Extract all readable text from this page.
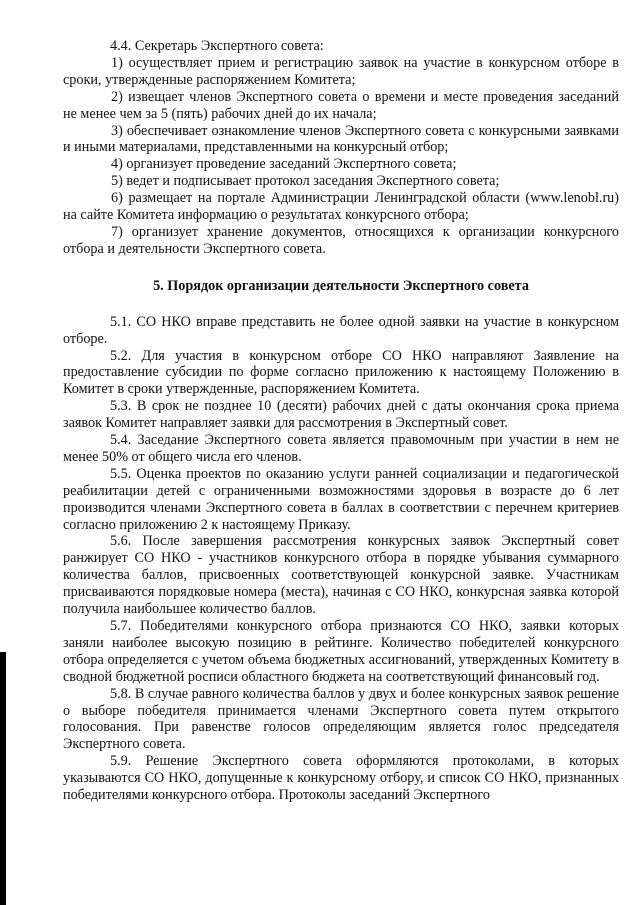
4.4. Секретарь Экспертного совета:

1) осуществляет прием и регистрацию заявок на участие в конкурсном отборе в сроки, утвержденные распоряжением Комитета;

2) извещает членов Экспертного совета о времени и месте проведения заседаний не менее чем за 5 (пять) рабочих дней до их начала;

3) обеспечивает ознакомление членов Экспертного совета с конкурсными заявками и иными материалами, представленными на конкурсный отбор;

4) организует проведение заседаний Экспертного совета;

5) ведет и подписывает протокол заседания Экспертного совета;

6) размещает на портале Администрации Ленинградской области (www.lenobl.ru) на сайте Комитета информацию о результатах конкурсного отбора;

7) организует хранение документов, относящихся к организации конкурсного отбора и деятельности Экспертного совета.

5. Порядок организации деятельности Экспертного совета

5.1. СО НКО вправе представить не более одной заявки на участие в конкурсном отборе.

5.2. Для участия в конкурсном отборе СО НКО направляют Заявление на предоставление субсидии по форме согласно приложению к настоящему Положению в Комитет в сроки утвержденные, распоряжением Комитета.

5.3. В срок не позднее 10 (десяти) рабочих дней с даты окончания срока приема заявок Комитет направляет заявки для рассмотрения в Экспертный совет.

5.4. Заседание Экспертного совета является правомочным при участии в нем не менее 50% от общего числа его членов.

5.5. Оценка проектов по оказанию услуги ранней социализации и педагогической реабилитации детей с ограниченными возможностями здоровья в возрасте до 6 лет производится членами Экспертного совета в баллах в соответствии с перечнем критериев согласно приложению 2 к настоящему Приказу.

5.6. После завершения рассмотрения конкурсных заявок Экспертный совет ранжирует СО НКО - участников конкурсного отбора в порядке убывания суммарного количества баллов, присвоенных соответствующей конкурсной заявке. Участникам присваиваются порядковые номера (места), начиная с СО НКО, конкурсная заявка которой получила наибольшее количество баллов.

5.7. Победителями конкурсного отбора признаются СО НКО, заявки которых заняли наиболее высокую позицию в рейтинге. Количество победителей конкурсного отбора определяется с учетом объема бюджетных ассигнований, утвержденных Комитету в сводной бюджетной росписи областного бюджета на соответствующий финансовый год.

5.8. В случае равного количества баллов у двух и более конкурсных заявок решение о выборе победителя принимается членами Экспертного совета путем открытого голосования. При равенстве голосов определяющим является голос председателя Экспертного совета.

5.9. Решение Экспертного совета оформляются протоколами, в которых указываются СО НКО, допущенные к конкурсному отбору, и список СО НКО, признанных победителями конкурсного отбора. Протоколы заседаний Экспертного
